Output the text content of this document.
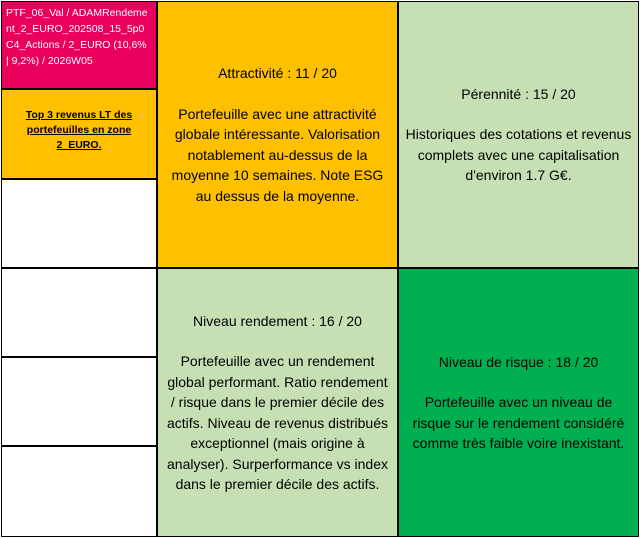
PTF_06_Val / ADAMRendement_2_EURO_202508_15_5p0 C4_Actions / 2_EURO (10,6% | 9,2%) / 2026W05
Top 3 revenus LT des portefeuilles en zone 2_EURO.
Attractivité : 11 / 20
Portefeuille avec une attractivité globale intéressante. Valorisation notablement au-dessus de la moyenne 10 semaines. Note ESG au dessus de la moyenne.
Pérennité : 15 / 20
Historiques des cotations et revenus complets avec une capitalisation d'environ 1.7 G€.
Niveau rendement : 16 / 20
Portefeuille avec un rendement global performant. Ratio rendement / risque dans le premier décile des actifs. Niveau de revenus distribués exceptionnel (mais origine à analyser). Surperformance vs index dans le premier décile des actifs.
Niveau de risque : 18 / 20
Portefeuille avec un niveau de risque sur le rendement considéré comme très faible voire inexistant.
